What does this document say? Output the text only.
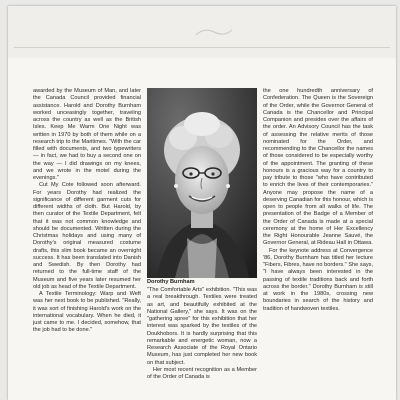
awarded by the Museum of Man, and later the Canada Council provided financial assistance. Harold and Dorothy Burnham worked unceasingly together, traveling across the country as well as the British Isles. Keep Me Warm One Night was written in 1970 by both of them while on a research trip to the Maritimes. "With the car filled with documents, and two typewriters — in fact, we had to buy a second one on the way — I did drawings on my knees, and we wrote in the motel during the evenings."

Cut My Cote followed soon afterward. For years Dorothy had realized the significance of different garment cuts for different widths of cloth. But Harold, by then curator of the Textile Department, felt that it was not common knowledge and should be documented. Written during the Christmas holidays and using many of Dorothy's original measured costume drafts, this slim book became an overnight success. It has been translated into Danish and Swedish. By then Dorothy had returned to the full-time staff of the Museum and five years later resumed her old job as head of the Textile Department.

A Textile Terminology: Warp and Weft was her next book to be published. "Really, it was sort of finishing Harold's work on the international vocabulary. When he died, it just came to me. I decided, somehow, that the job had to be done."

Dorothy Burnham

"The Comfortable Arts" exhibition. "This was a real breakthrough. Textiles were treated as art, and beautifully exhibited at the National Gallery," she says. It was on the "gathering spree" for this exhibition that her interest was sparked by the textiles of the Doukhobors. It is hardly surprising that this remarkable and energetic woman, now a Research Associate of the Royal Ontario Museum, has just completed her new book on that subject.

Her most recent recognition as a Member of the Order of Canada is

the one hundredth anniversary of Confederation. The Queen is the Sovereign of the Order, while the Governor General of Canada is the Chancellor and Principal Companion and presides over the affairs of the order. An Advisory Council has the task of assessing the relative merits of those nominated for the Order, and recommending to the Chancellor the names of those considered to be especially worthy of the appointment. The granting of these honours is a gracious way for a country to pay tribute to those "who have contributed to enrich the lives of their contemporaries." Anyone may propose the name of a deserving Canadian for this honour, which is open to people from all walks of life. The presentation of the Badge of a Member of the Order of Canada is made at a special ceremony at the home of Her Excellency the Right Honourable Jeanne Sauvé, the Governor General, at Rideau Hall in Ottawa.

For the keynote address at Convergence '86, Dorothy Burnham has titled her lecture "Fibers, Fibres, have no borders." She says, "I have always been interested in the passing of textile traditions back and forth across the border." Dorothy Burnham is still at work in the 1980s, crossing new boundaries in search of the history and tradition of handwoven textiles.
